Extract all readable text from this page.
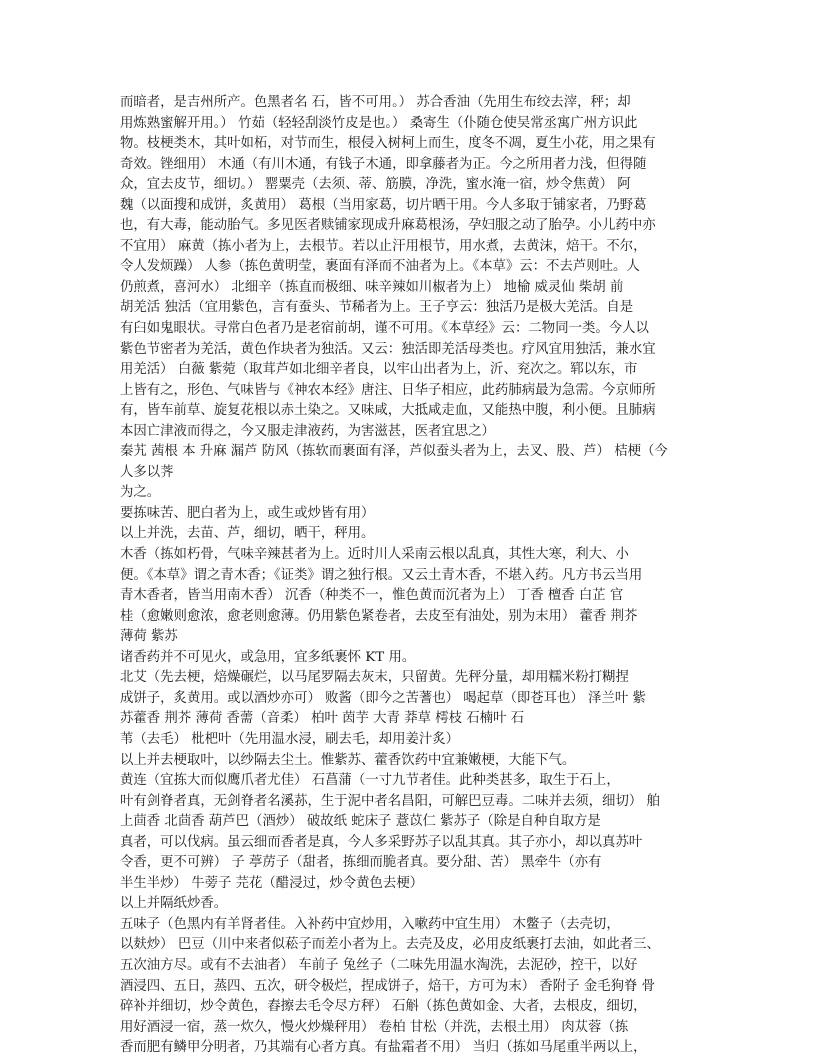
而暗者，是吉州所产。色黑者名 石，皆不可用。） 苏合香油（先用生布绞去滓，秤；却
用炼熟蜜解开用。） 竹茹（轻轻刮淡竹皮是也。） 桑寄生（仆随仓使吴常丞寓广州方识此
物。枝梗类木，其叶如柘，对节而生，根侵入树柯上而生，度冬不凋，夏生小花，用之果有
奇效。锉细用） 木通（有川木通，有钱子木通，即拿藤者为正。今之所用者力浅，但得随
众，宜去皮节，细切。） 罂粟壳（去须、蒂、筋膜，净洗，蜜水淹一宿，炒令焦黄） 阿
魏（以面搜和成饼，炙黄用） 葛根（当用家葛，切片晒干用。今人多取于铺家者，乃野葛
也，有大毒，能动胎气。多见医者赎铺家现成升麻葛根汤，孕妇服之动了胎孕。小儿药中亦
不宜用） 麻黄（拣小者为上，去根节。若以止汗用根节，用水煮，去黄沫，焙干。不尔，
令人发烦躁） 人参（拣色黄明莹，裹面有泽而不油者为上。《本草》云：不去芦则吐。人
仍煎煮，喜河水） 北细辛（拣直而极细、味辛辣如川椒者为上） 地榆 威灵仙 柴胡 前
胡羌活 独活（宜用紫色，言有蚕头、节稀者为上。王子亨云：独活乃是极大羌活。自是
有臼如鬼眼状。寻常白色者乃是老宿前胡，谨不可用。《本草经》云：二物同一类。今人以
紫色节密者为羌活，黄色作块者为独活。又云：独活即羌活母类也。疗风宜用独活，兼水宜
用羌活） 白薇 紫菀（取茸芦如北细辛者良，以牢山出者为上，沂、兖次之。郓以东，市
上皆有之，形色、气味皆与《神农本经》唐注、日华子相应，此药肺病最为急需。今京师所
有，皆车前草、旋复花根以赤土染之。又味咸，大抵咸走血，又能热中腹，利小便。且肺病
本因亡津液而得之，今又服走津液药，为害滋甚，医者宜思之）
秦艽 茜根 本 升麻 漏芦 防风（拣软而裹面有泽，芦似蚕头者为上，去叉、股、芦） 桔梗（今
人多以荠
为之。
要拣味苦、肥白者为上，或生或炒皆有用）
以上并洗，去苗、芦，细切，晒干，秤用。
木香（拣如朽骨，气味辛辣甚者为上。近时川人采南云根以乱真，其性大寒，利大、小
便。《本草》谓之青木香；《证类》谓之独行根。又云土青木香，不堪入药。凡方书云当用
青木香者，皆当用南木香） 沉香（种类不一，惟色黄而沉者为上） 丁香 檀香 白芷 官
桂（愈嫩则愈浓，愈老则愈薄。仍用紫色紧卷者，去皮至有油处，别为末用） 藿香 荆芥
薄荷 紫苏
诸香药并不可见火，或急用，宜多纸裹怀 KT 用。
北艾（先去梗，焙燥碾烂，以马尾罗隔去灰末，只留黄。先秤分量，却用糯米粉打糊捏
成饼子，炙黄用。或以酒炒亦可） 败酱（即今之苦蓍也） 喝起草（即苍耳也） 泽兰叶 紫
苏藿香 荆芥 薄荷 香薷（音柔） 柏叶 茵芋 大青 莽草 樗枝 石楠叶 石
苇（去毛） 枇杷叶（先用温水浸，刷去毛，却用姜汁炙）
以上并去梗取叶，以纱隔去尘土。惟紫苏、藿香饮药中宜兼嫩梗，大能下气。
黄连（宜拣大而似鹰爪者尤佳） 石菖蒲（一寸九节者佳。此种类甚多，取生于石上，
叶有剑脊者真，无剑脊者名溪荪，生于泥中者名昌阳，可解巴豆毒。二味并去须，细切） 舶
上茴香 北茴香 葫芦巴（酒炒） 破故纸 蛇床子 薏苡仁 紫苏子（除是自种自取方是
真者，可以伐病。虽云细而香者是真，今人多采野苏子以乱其真。其子亦小，却以真苏叶
令香，更不可辨） 子 葶苈子（甜者，拣细而脆者真。要分甜、苦） 黑牵牛（亦有
半生半炒） 牛蒡子 芫花（醋浸过，炒令黄色去梗）
以上并隔纸炒香。
五味子（色黑内有羊肾者佳。入补药中宜炒用，入嗽药中宜生用） 木鳖子（去壳切，
以麸炒） 巴豆（川中来者似菘子而差小者为上。去壳及皮，必用皮纸裹打去油，如此者三、
五次油方尽。或有不去油者） 车前子 兔丝子（二味先用温水淘洗，去泥砂，控干，以好
酒浸四、五日，蒸四、五次，研令极烂，捏成饼子，焙干，方可为末） 香附子 金毛狗脊 骨
碎补并细切，炒令黄色，舂擦去毛令尽方秤） 石斛（拣色黄如金、大者，去根皮，细切，
用好酒浸一宿，蒸一炊久，慢火炒燥秤用） 卷柏 甘松（并洗，去根土用） 肉苁蓉（拣
香而肥有鳞甲分明者，乃其端有心者方真。有盐霜者不用） 当归（拣如马尾重半两以上，
